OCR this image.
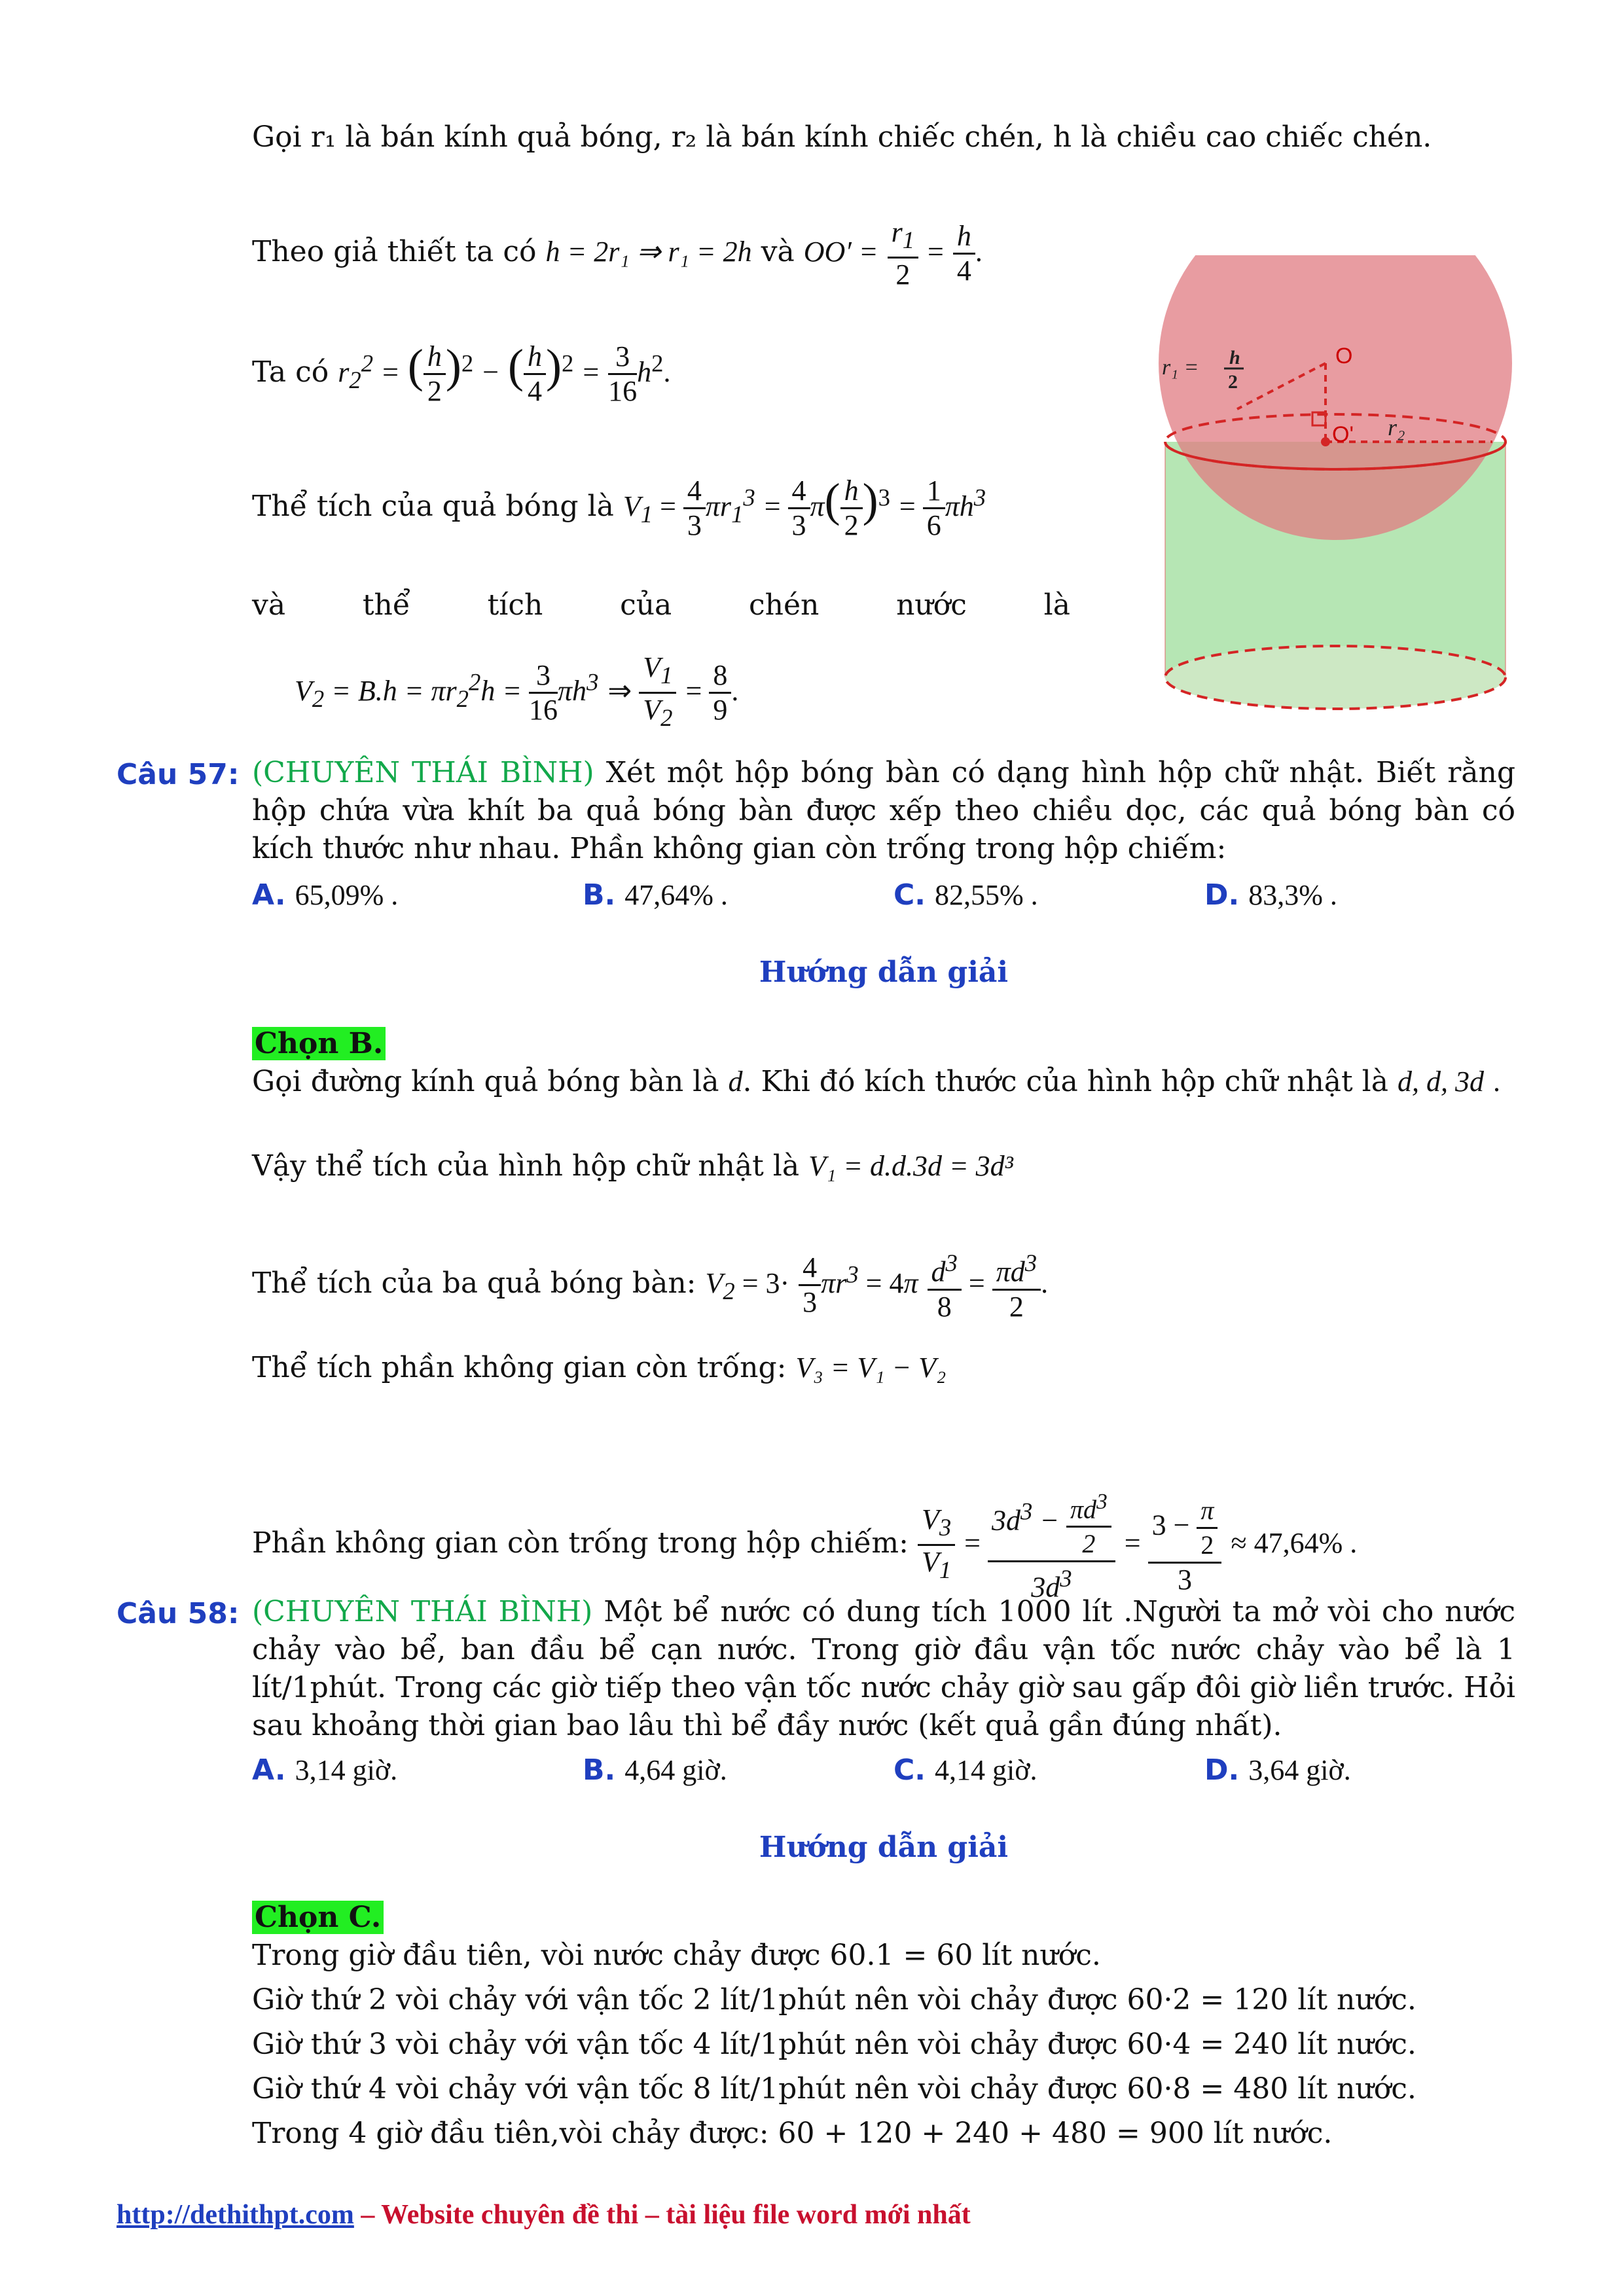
Gọi r₁ là bán kính quả bóng, r₂ là bán kính chiếc chén, h là chiều cao chiếc chén.
Theo giả thiết ta có h = 2r₁ ⇒ r₁ = 2h và $OO' = \frac{r_1}{2} = \frac{h}{4}$ .
Ta có $r_2^2$ = ( $\frac{h}{2} )^2$ − ( $\frac{h}{4} )^2 = \frac{3}{16} h^2$.
Thể tích của quả bóng là $V_1 = \frac{4}{3} \pi r_1^3 = \frac{4}{3} \pi( \frac{h}{2} )^3 = \frac{1}{6} \pi h^3$
và	thể	tích	của	chén	nước	là
$V_2 = B.h = \pi r_2^2h = \frac{3}{16} \pi h^3$ ⇒ $\frac{V_1}{V_2} = \frac{8}{9}$ .
O
O'
r₁ = h
2
r₂
Câu 57: (CHUYÊN THÁI BÌNH) Xét một hộp bóng bàn có dạng hình hộp chữ nhật. Biết rằng hộp chứa vừa khít ba quả bóng bàn được xếp theo chiều dọc, các quả bóng bàn có kích thước như nhau. Phần không gian còn trống trong hộp chiếm:
A. 65,09% .	B. 47,64% .	C. 82,55% .	D. 83,3% .
Hướng dẫn giải
Chọn B.
Gọi đường kính quả bóng bàn là d. Khi đó kích thước của hình hộp chữ nhật là d, d, 3d .
Vậy thể tích của hình hộp chữ nhật là V₁ = d.d.3d = 3d³
Thể tích của ba quả bóng bàn: $V_2 = 3\cdot \frac{4}{3} \pi r^3 = 4\pi \frac{d^3}{8} = \frac{\pi d^3}{2}$ .
Thể tích phần không gian còn trống: V₃ = V₁ − V₂
Phần không gian còn trống trong hộp chiếm: $\frac{V_3}{V_1} = \frac{3d^3 - \frac{\pi d^3}{2}}{3d^3} = \frac{3 - \frac{\pi}{2}}{3} \approx 47,64\%$ .
Câu 58: (CHUYÊN THÁI BÌNH) Một bể nước có dung tích 1000 lít .Người ta mở vòi cho nước chảy vào bể, ban đầu bể cạn nước. Trong giờ đầu vận tốc nước chảy vào bể là 1 lít/1phút. Trong các giờ tiếp theo vận tốc nước chảy giờ sau gấp đôi giờ liền trước. Hỏi sau khoảng thời gian bao lâu thì bể đầy nước (kết quả gần đúng nhất).
A. 3,14 giờ.	B. 4,64 giờ.	C. 4,14 giờ.	D. 3,64 giờ.
Hướng dẫn giải
Chọn C.
Trong giờ đầu tiên, vòi nước chảy được 60.1 = 60 lít nước.
Giờ thứ 2 vòi chảy với vận tốc 2 lít/1phút nên vòi chảy được 60·2 = 120 lít nước.
Giờ thứ 3 vòi chảy với vận tốc 4 lít/1phút nên vòi chảy được 60·4 = 240 lít nước.
Giờ thứ 4 vòi chảy với vận tốc 8 lít/1phút nên vòi chảy được 60·8 = 480 lít nước.
Trong 4 giờ đầu tiên,vòi chảy được: 60 + 120 + 240 + 480 = 900 lít nước.
http://dethithpt.com – Website chuyên đề thi – tài liệu file word mới nhất
